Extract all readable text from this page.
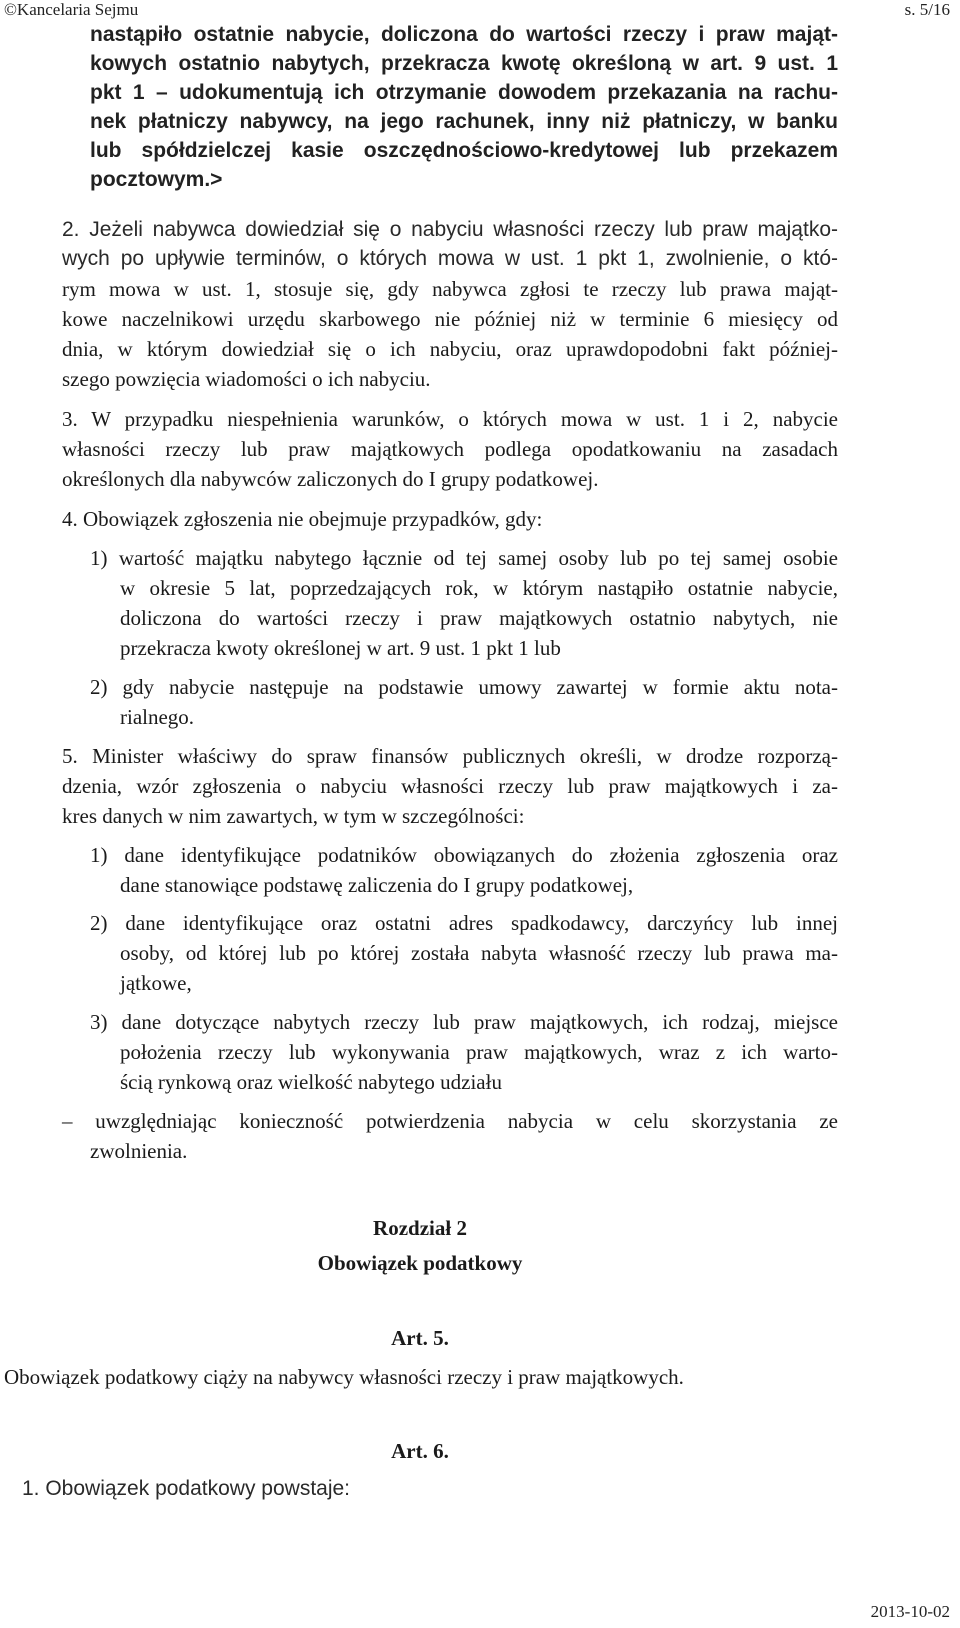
©Kancelaria Sejmu	s. 5/16
nastąpiło ostatnie nabycie, doliczona do wartości rzeczy i praw mająt-
kowych ostatnio nabytych, przekracza kwotę określoną w art. 9 ust. 1
pkt 1 – udokumentują ich otrzymanie dowodem przekazania na rachu-
nek płatniczy nabywcy, na jego rachunek, inny niż płatniczy, w banku
lub spółdzielczej kasie oszczędnościowo-kredytowej lub przekazem
pocztowym.>
2. Jeżeli nabywca dowiedział się o nabyciu własności rzeczy lub praw majątko-
wych po upływie terminów, o których mowa w ust. 1 pkt 1, zwolnienie, o któ-
rym mowa w ust. 1, stosuje się, gdy nabywca zgłosi te rzeczy lub prawa mająt-
kowe naczelnikowi urzędu skarbowego nie później niż w terminie 6 miesięcy od
dnia, w którym dowiedział się o ich nabyciu, oraz uprawdopodobni fakt później-
szego powzięcia wiadomości o ich nabyciu.
3. W przypadku niespełnienia warunków, o których mowa w ust. 1 i 2, nabycie
własności rzeczy lub praw majątkowych podlega opodatkowaniu na zasadach
określonych dla nabywców zaliczonych do I grupy podatkowej.
4. Obowiązek zgłoszenia nie obejmuje przypadków, gdy:
1) wartość majątku nabytego łącznie od tej samej osoby lub po tej samej osobie
w okresie 5 lat, poprzedzających rok, w którym nastąpiło ostatnie nabycie,
doliczona do wartości rzeczy i praw majątkowych ostatnio nabytych, nie
przekracza kwoty określonej w art. 9 ust. 1 pkt 1 lub
2) gdy nabycie następuje na podstawie umowy zawartej w formie aktu nota-
rialnego.
5. Minister właściwy do spraw finansów publicznych określi, w drodze rozporzą-
dzenia, wzór zgłoszenia o nabyciu własności rzeczy lub praw majątkowych i za-
kres danych w nim zawartych, w tym w szczególności:
1) dane identyfikujące podatników obowiązanych do złożenia zgłoszenia oraz
dane stanowiące podstawę zaliczenia do I grupy podatkowej,
2) dane identyfikujące oraz ostatni adres spadkodawcy, darczyńcy lub innej
osoby, od której lub po której została nabyta własność rzeczy lub prawa ma-
jątkowe,
3) dane dotyczące nabytych rzeczy lub praw majątkowych, ich rodzaj, miejsce
położenia rzeczy lub wykonywania praw majątkowych, wraz z ich warto-
ścią rynkową oraz wielkość nabytego udziału
– uwzględniając konieczność potwierdzenia nabycia w celu skorzystania ze
zwolnienia.
Rozdział 2
Obowiązek podatkowy
Art. 5.
Obowiązek podatkowy ciąży na nabywcy własności rzeczy i praw majątkowych.
Art. 6.
1. Obowiązek podatkowy powstaje:
2013-10-02
